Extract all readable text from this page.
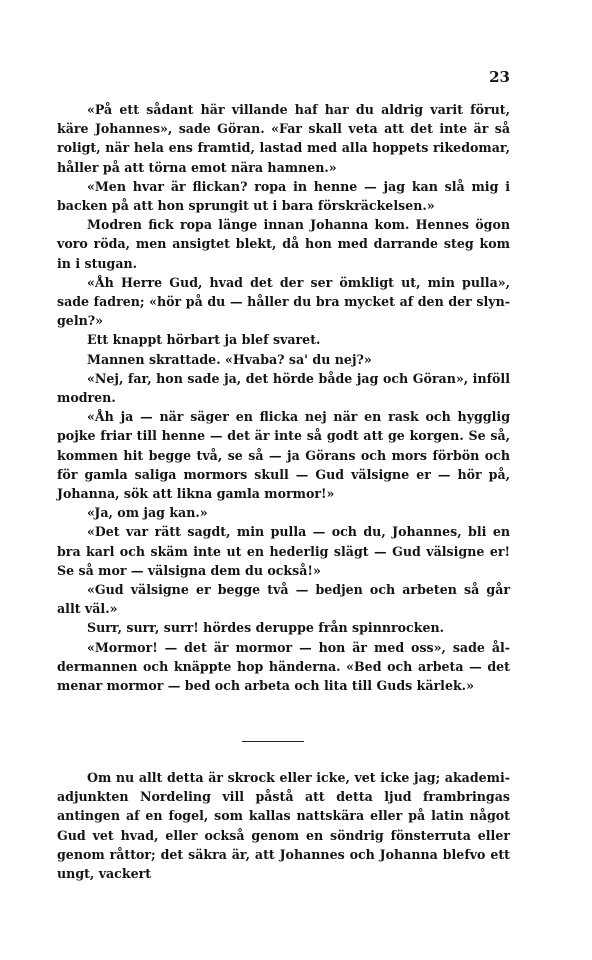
23

«På ett sådant här villande haf har du aldrig varit förut, käre Johannes», sade Göran. «Far skall veta att det inte är så roligt, när hela ens framtid, lastad med alla hoppets rikedomar, håller på att törna emot nära hamnen.»

«Men hvar är flickan? ropa in henne — jag kan slå mig i backen på att hon sprungit ut i bara förskräckelsen.»

Modren fick ropa länge innan Johanna kom. Hennes ögon voro röda, men ansigtet blekt, då hon med darrande steg kom in i stugan.

«Åh Herre Gud, hvad det der ser ömkligt ut, min pulla», sade fadren; «hör på du — håller du bra mycket af den der slyngeln?»

Ett knappt hörbart ja blef svaret.

Mannen skrattade. «Hvaba? sa' du nej?»

«Nej, far, hon sade ja, det hörde både jag och Göran», inföll modren.

«Åh ja — när säger en flicka nej när en rask och hygglig pojke friar till henne — det är inte så godt att ge korgen. Se så, kommen hit begge två, se så — ja Görans och mors förbön och för gamla saliga mormors skull — Gud välsigne er — hör på, Johanna, sök att likna gamla mormor!»

«Ja, om jag kan.»

«Det var rätt sagdt, min pulla — och du, Johannes, bli en bra karl och skäm inte ut en hederlig slägt — Gud välsigne er! Se så mor — välsigna dem du också!»

«Gud välsigne er begge två — bedjen och arbeten så går allt väl.»

Surr, surr, surr! hördes deruppe från spinnrocken.

«Mormor! — det är mormor — hon är med oss», sade åldermannen och knäppte hop händerna. «Bed och arbeta — det menar mormor — bed och arbeta och lita till Guds kärlek.»

Om nu allt detta är skrock eller icke, vet icke jag; akademiadjunkten Nordeling vill påstå att detta ljud frambringas antingen af en fogel, som kallas nattskära eller på latin något Gud vet hvad, eller också genom en söndrig fönsterruta eller genom råttor; det säkra är, att Johannes och Johanna blefvo ett ungt, vackert
